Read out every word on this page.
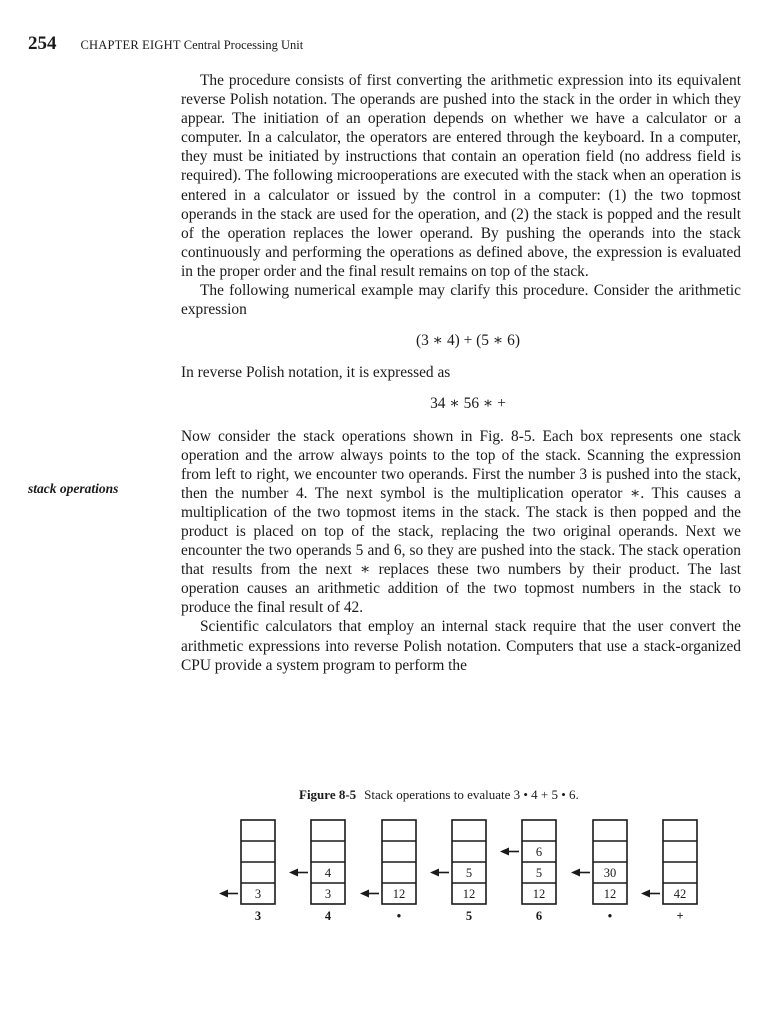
254 CHAPTER EIGHT Central Processing Unit

The procedure consists of first converting the arithmetic expression into its equivalent reverse Polish notation. The operands are pushed into the stack in the order in which they appear. The initiation of an operation depends on whether we have a calculator or a computer. In a calculator, the operators are entered through the keyboard. In a computer, they must be initiated by instructions that contain an operation field (no address field is required). The following microoperations are executed with the stack when an operation is entered in a calculator or issued by the control in a computer: (1) the two topmost operands in the stack are used for the operation, and (2) the stack is popped and the result of the operation replaces the lower operand. By pushing the operands into the stack continuously and performing the operations as defined above, the expression is evaluated in the proper order and the final result remains on top of the stack.

The following numerical example may clarify this procedure. Consider the arithmetic expression

(3 ∗ 4) + (5 ∗ 6)

In reverse Polish notation, it is expressed as

34 ∗ 56 ∗ +

Now consider the stack operations shown in Fig. 8-5. Each box represents one stack operation and the arrow always points to the top of the stack. Scanning the expression from left to right, we encounter two operands. First the number 3 is pushed into the stack, then the number 4. The next symbol is the multiplication operator ∗. This causes a multiplication of the two topmost items in the stack. The stack is then popped and the product is placed on top of the stack, replacing the two original operands. Next we encounter the two operands 5 and 6, so they are pushed into the stack. The stack operation that results from the next ∗ replaces these two numbers by their product. The last operation causes an arithmetic addition of the two topmost numbers in the stack to produce the final result of 42.

Scientific calculators that employ an internal stack require that the user convert the arithmetic expressions into reverse Polish notation. Computers that use a stack-organized CPU provide a system program to perform the

stack operations
Figure 8-5 Stack operations to evaluate 3 • 4 + 5 • 6.
3
3
4
3
4
12
•
5
12
5
6
5
12
6
30
12
•
42
+
